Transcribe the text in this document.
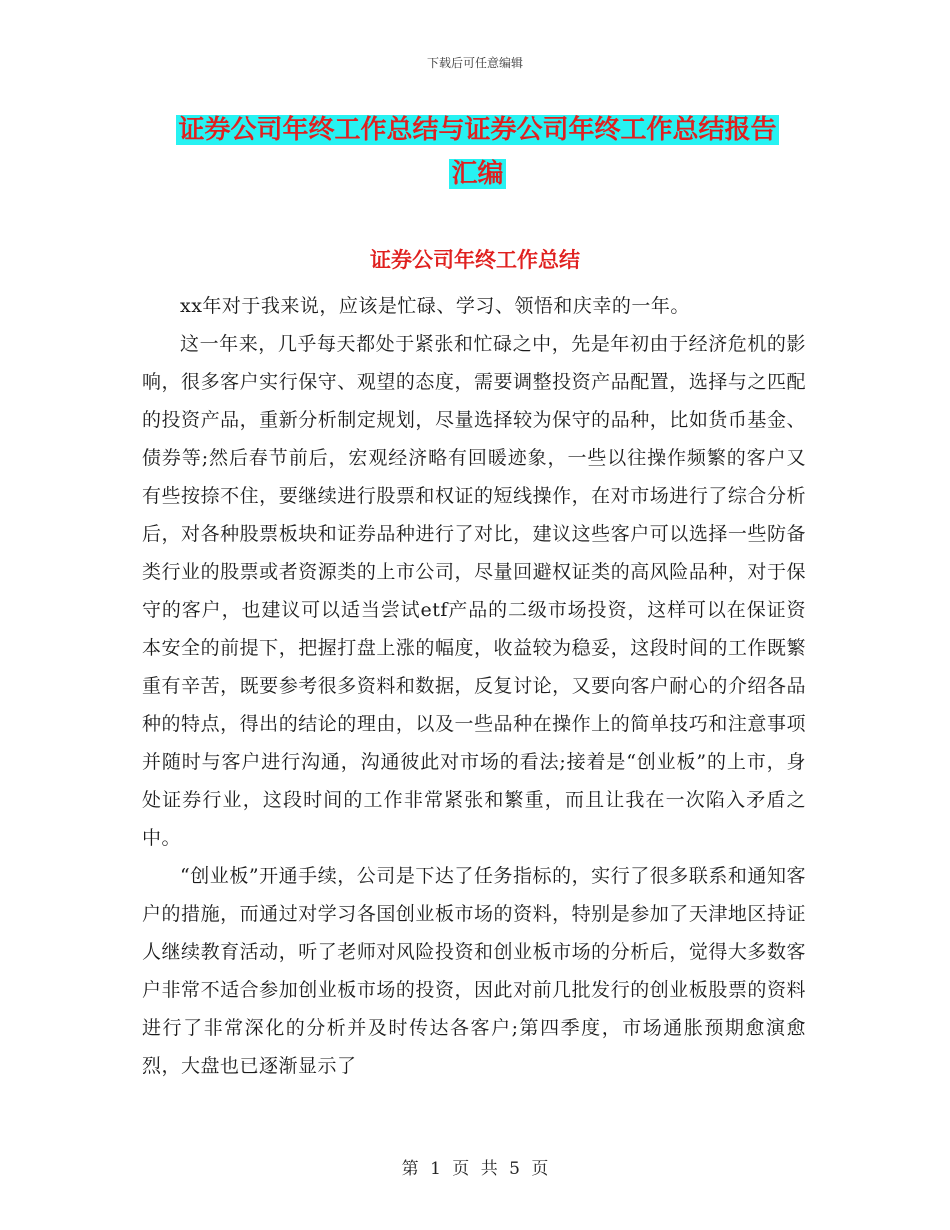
下载后可任意编辑
证券公司年终工作总结与证券公司年终工作总结报告
汇编
证券公司年终工作总结

xx年对于我来说，应该是忙碌、学习、领悟和庆幸的一年。

这一年来，几乎每天都处于紧张和忙碌之中，先是年初由于经济危机的影响，很多客户实行保守、观望的态度，需要调整投资产品配置，选择与之匹配的投资产品，重新分析制定规划，尽量选择较为保守的品种，比如货币基金、债券等;然后春节前后，宏观经济略有回暖迹象，一些以往操作频繁的客户又有些按捺不住，要继续进行股票和权证的短线操作，在对市场进行了综合分析后，对各种股票板块和证券品种进行了对比，建议这些客户可以选择一些防备类行业的股票或者资源类的上市公司，尽量回避权证类的高风险品种，对于保守的客户，也建议可以适当尝试etf产品的二级市场投资，这样可以在保证资本安全的前提下，把握打盘上涨的幅度，收益较为稳妥，这段时间的工作既繁重有辛苦，既要参考很多资料和数据，反复讨论，又要向客户耐心的介绍各品种的特点，得出的结论的理由，以及一些品种在操作上的简单技巧和注意事项并随时与客户进行沟通，沟通彼此对市场的看法;接着是“创业板”的上市，身处证券行业，这段时间的工作非常紧张和繁重，而且让我在一次陷入矛盾之中。

“创业板”开通手续，公司是下达了任务指标的，实行了很多联系和通知客户的措施，而通过对学习各国创业板市场的资料，特别是参加了天津地区持证人继续教育活动，听了老师对风险投资和创业板市场的分析后，觉得大多数客户非常不适合参加创业板市场的投资，因此对前几批发行的创业板股票的资料进行了非常深化的分析并及时传达各客户;第四季度，市场通胀预期愈演愈烈，大盘也已逐渐显示了

第 1 页 共 5 页
